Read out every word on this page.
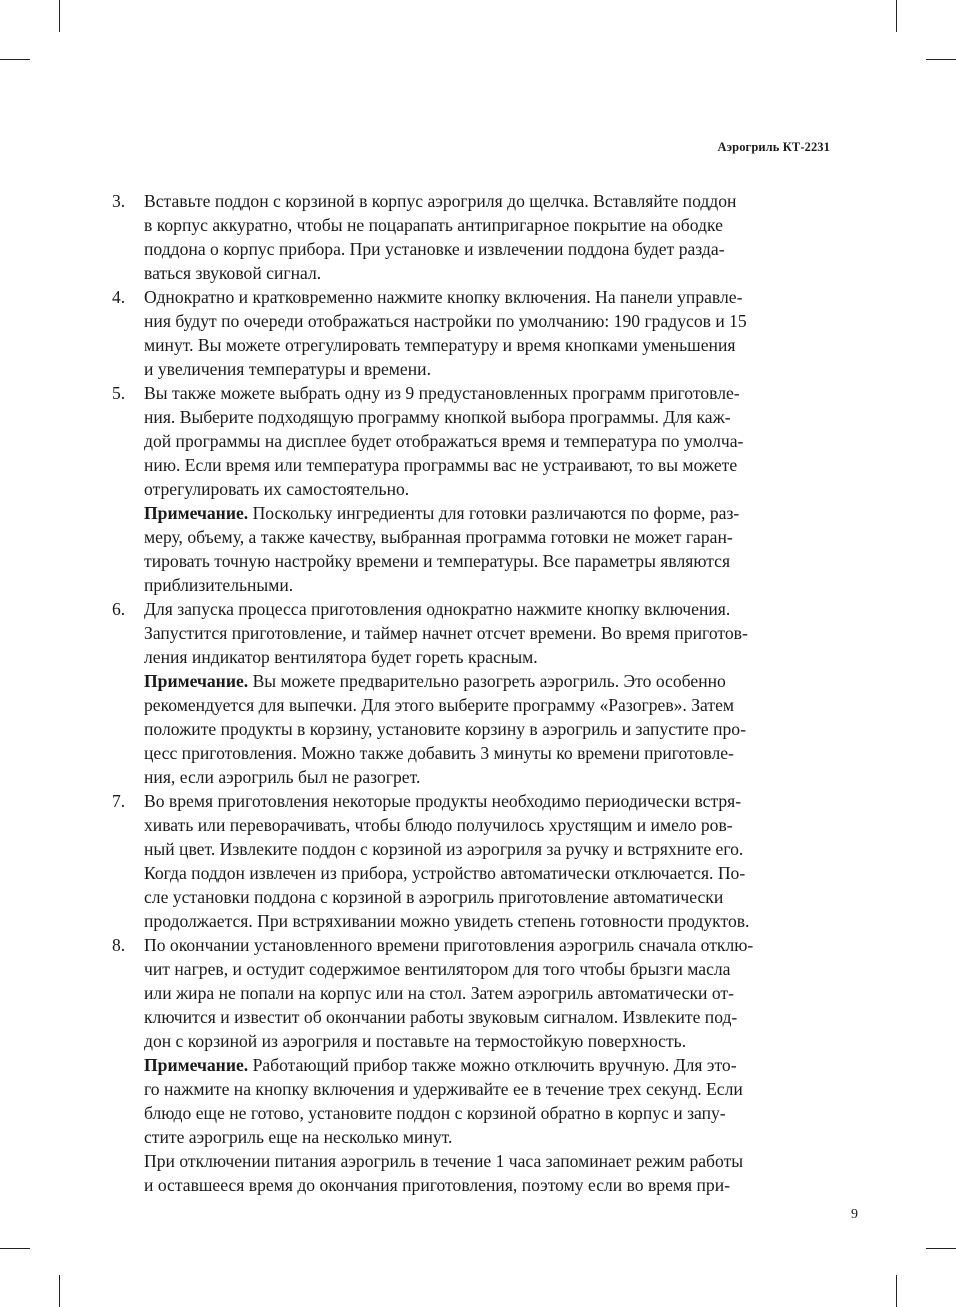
Аэрогриль КТ-2231
3.	Вставьте поддон с корзиной в корпус аэрогриля до щелчка. Вставляйте поддон
в корпус аккуратно, чтобы не поцарапать антипригарное покрытие на ободке
поддона о корпус прибора. При установке и извлечении поддона будет разда-
ваться звуковой сигнал.
4.	Однократно и кратковременно нажмите кнопку включения. На панели управле-
ния будут по очереди отображаться настройки по умолчанию: 190 градусов и 15
минут. Вы можете отрегулировать температуру и время кнопками уменьшения
и увеличения температуры и времени.
5.	Вы также можете выбрать одну из 9 предустановленных программ приготовле-
ния. Выберите подходящую программу кнопкой выбора программы. Для каж-
дой программы на дисплее будет отображаться время и температура по умолча-
нию. Если время или температура программы вас не устраивают, то вы можете
отрегулировать их самостоятельно.
Примечание. Поскольку ингредиенты для готовки различаются по форме, раз-
меру, объему, а также качеству, выбранная программа готовки не может гаран-
тировать точную настройку времени и температуры. Все параметры являются
приблизительными.
6.	Для запуска процесса приготовления однократно нажмите кнопку включения.
Запустится приготовление, и таймер начнет отсчет времени. Во время приготов-
ления индикатор вентилятора будет гореть красным.
Примечание. Вы можете предварительно разогреть аэрогриль. Это особенно
рекомендуется для выпечки. Для этого выберите программу «Разогрев». Затем
положите продукты в корзину, установите корзину в аэрогриль и запустите про-
цесс приготовления. Можно также добавить 3 минуты ко времени приготовле-
ния, если аэрогриль был не разогрет.
7.	Во время приготовления некоторые продукты необходимо периодически встря-
хивать или переворачивать, чтобы блюдо получилось хрустящим и имело ров-
ный цвет. Извлеките поддон с корзиной из аэрогриля за ручку и встряхните его.
Когда поддон извлечен из прибора, устройство автоматически отключается. По-
сле установки поддона с корзиной в аэрогриль приготовление автоматически
продолжается. При встряхивании можно увидеть степень готовности продуктов.
8.	По окончании установленного времени приготовления аэрогриль сначала отклю-
чит нагрев, и остудит содержимое вентилятором для того чтобы брызги масла
или жира не попали на корпус или на стол. Затем аэрогриль автоматически от-
ключится и известит об окончании работы звуковым сигналом. Извлеките под-
дон с корзиной из аэрогриля и поставьте на термостойкую поверхность.
Примечание. Работающий прибор также можно отключить вручную. Для это-
го нажмите на кнопку включения и удерживайте ее в течение трех секунд. Если
блюдо еще не готово, установите поддон с корзиной обратно в корпус и запу-
стите аэрогриль еще на несколько минут.
При отключении питания аэрогриль в течение 1 часа запоминает режим работы
и оставшееся время до окончания приготовления, поэтому если во время при-
9
